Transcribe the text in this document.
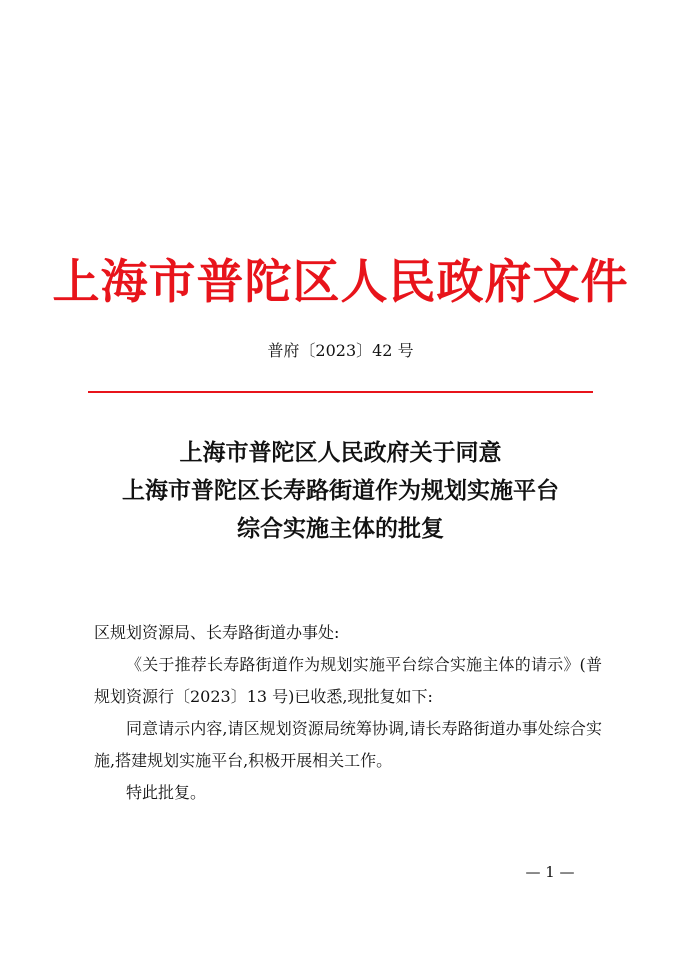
上海市普陀区人民政府文件
普府〔2023〕42 号
上海市普陀区人民政府关于同意
上海市普陀区长寿路街道作为规划实施平台
综合实施主体的批复

区规划资源局、长寿路街道办事处:

《关于推荐长寿路街道作为规划实施平台综合实施主体的请示》(普规划资源行〔2023〕13 号)已收悉,现批复如下:

同意请示内容,请区规划资源局统筹协调,请长寿路街道办事处综合实施,搭建规划实施平台,积极开展相关工作。

特此批复。

— 1 —
